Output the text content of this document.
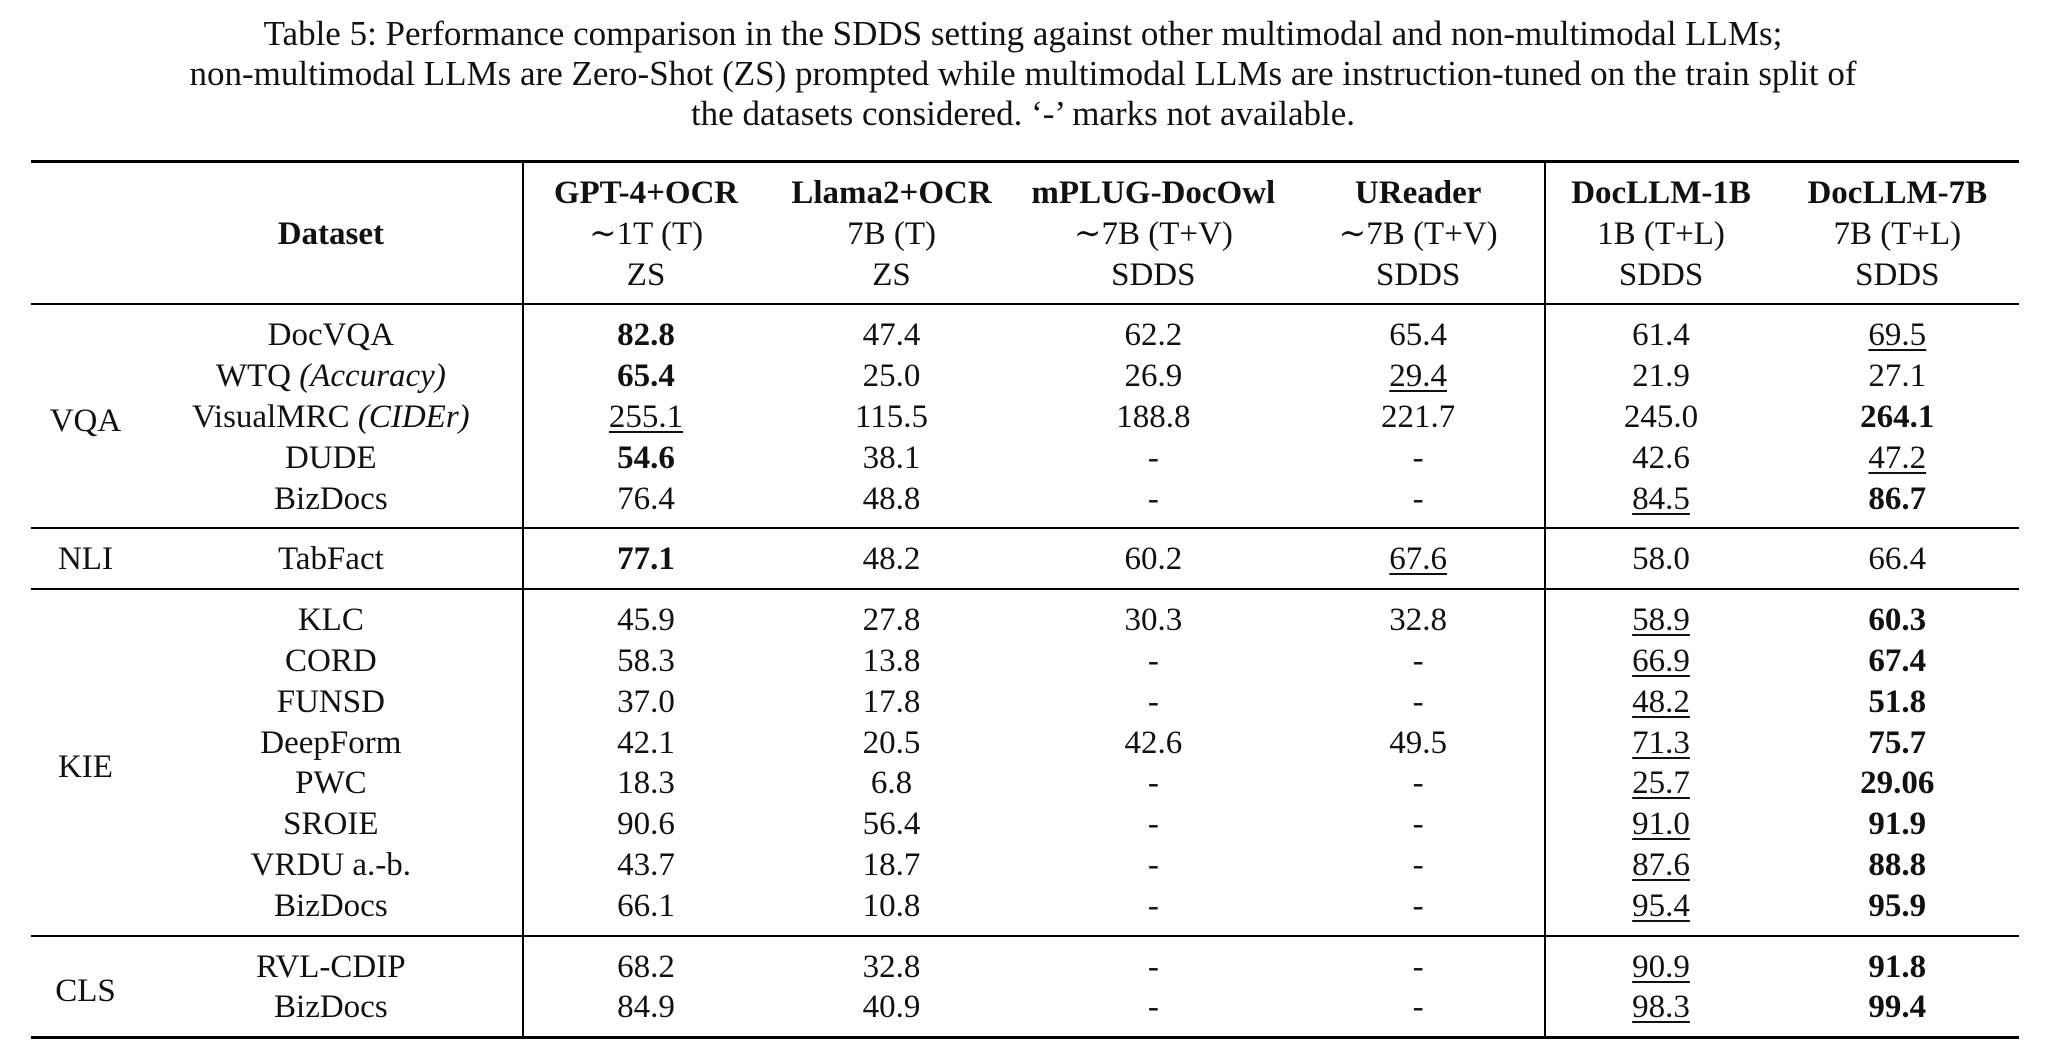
Table 5: Performance comparison in the SDDS setting against other multimodal and non-multimodal LLMs;
non-multimodal LLMs are Zero-Shot (ZS) prompted while multimodal LLMs are instruction-tuned on the train split of
the datasets considered. ‘-’ marks not available.

		GPT-4+OCR	Llama2+OCR	mPLUG-DocOwl	UReader	DocLLM-1B	DocLLM-7B
	Dataset	∼1T (T)	7B (T)	∼7B (T+V)	∼7B (T+V)	1B (T+L)	7B (T+L)
		ZS	ZS	SDDS	SDDS	SDDS	SDDS

VQA	DocVQA	82.8	47.4	62.2	65.4	61.4	69.5
	WTQ (Accuracy)	65.4	25.0	26.9	29.4	21.9	27.1
	VisualMRC (CIDEr)	255.1	115.5	188.8	221.7	245.0	264.1
	DUDE	54.6	38.1	-	-	42.6	47.2
	BizDocs	76.4	48.8	-	-	84.5	86.7

NLI	TabFact	77.1	48.2	60.2	67.6	58.0	66.4

KIE	KLC	45.9	27.8	30.3	32.8	58.9	60.3
	CORD	58.3	13.8	-	-	66.9	67.4
	FUNSD	37.0	17.8	-	-	48.2	51.8
	DeepForm	42.1	20.5	42.6	49.5	71.3	75.7
	PWC	18.3	6.8	-	-	25.7	29.06
	SROIE	90.6	56.4	-	-	91.0	91.9
	VRDU a.-b.	43.7	18.7	-	-	87.6	88.8
	BizDocs	66.1	10.8	-	-	95.4	95.9

CLS	RVL-CDIP	68.2	32.8	-	-	90.9	91.8
	BizDocs	84.9	40.9	-	-	98.3	99.4
